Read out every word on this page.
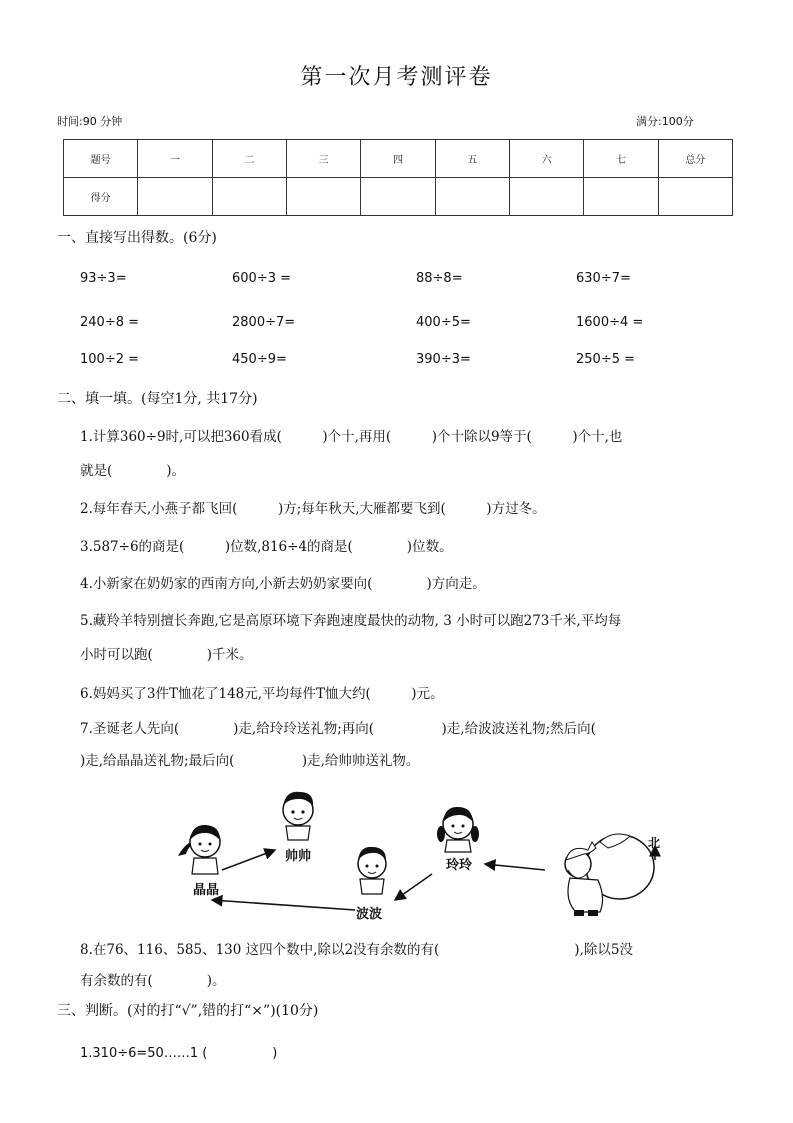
第一次月考测评卷
时间:90 分钟	满分:100分
题号	一	二	三	四	五	六	七	总分
得分								
一、直接写出得数。(6分)
93÷3=	600÷3 =	88÷8=	630÷7=
240÷8 =	2800÷7=	400÷5=	1600÷4 =
100÷2 =	450÷9=	390÷3=	250÷5 =
二、填一填。(每空1分, 共17分)
1.计算360÷9时,可以把360看成(　　　)个十,再用(　　　)个十除以9等于(　　　)个十,也
就是(　　　　)。
2.每年春天,小燕子都飞回(　　　)方;每年秋天,大雁都要飞到(　　　)方过冬。
3.587÷6的商是(　　　)位数,816÷4的商是(　　　　)位数。
4.小新家在奶奶家的西南方向,小新去奶奶家要向(　　　　)方向走。
5.藏羚羊特别擅长奔跑,它是高原环境下奔跑速度最快的动物, 3 小时可以跑273千米,平均每
小时可以跑(　　　　)千米。
6.妈妈买了3件T恤花了148元,平均每件T恤大约(　　　)元。
7.圣诞老人先向(　　　　)走,给玲玲送礼物;再向(　　　　　)走,给波波送礼物;然后向(
)走,给晶晶送礼物;最后向(　　　　　)走,给帅帅送礼物。
帅帅
晶晶
波波
玲玲
北
8.在76、116、585、130 这四个数中,除以2没有余数的有(　　　　　　　　　　),除以5没
有余数的有(　　　　)。
三、判断。(对的打“√”,错的打“×”)(10分)
1.310÷6=50……1 (　　　　　)
